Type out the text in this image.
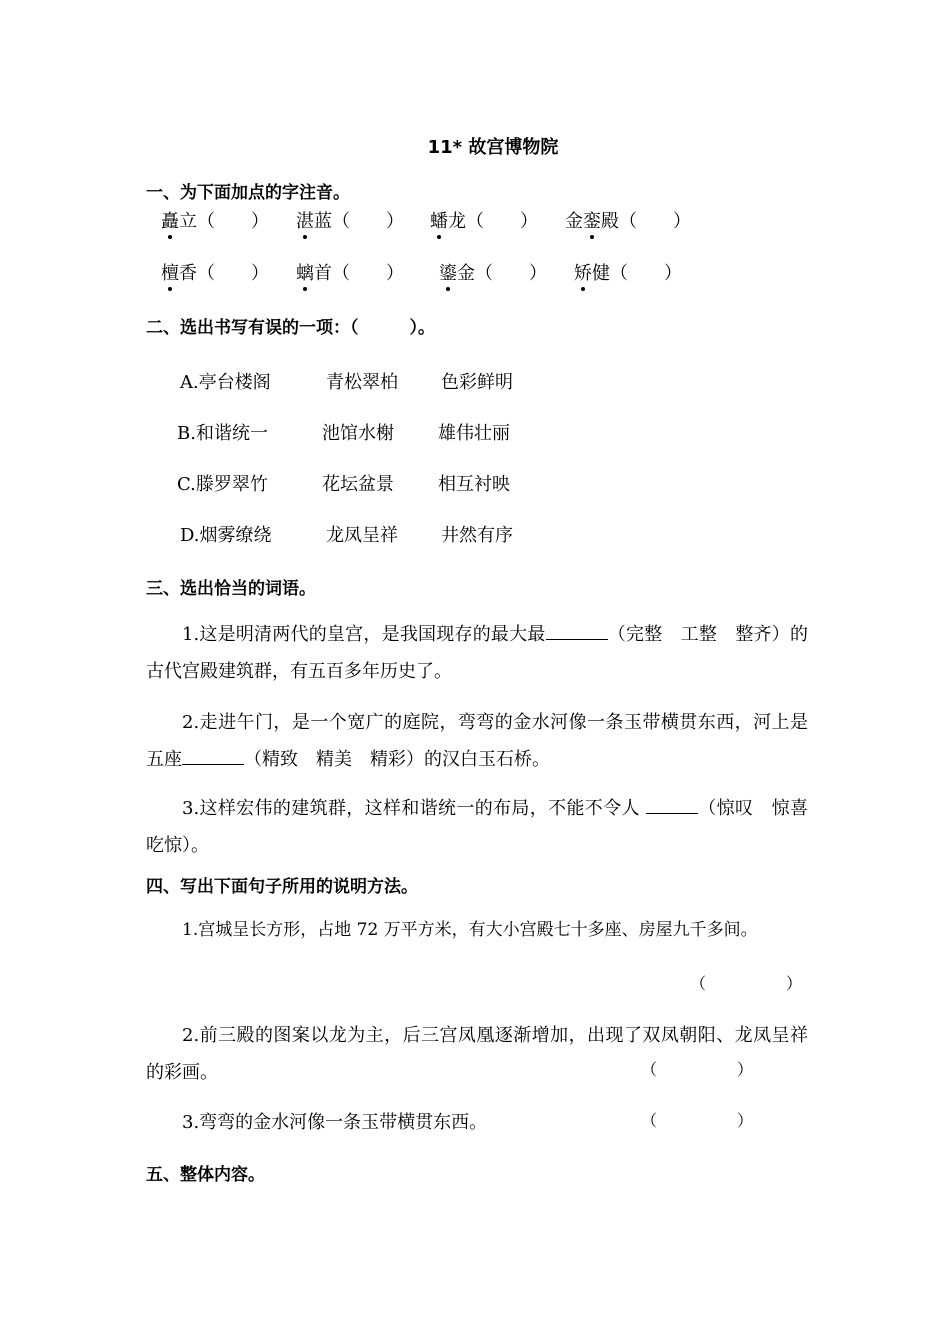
11* 故宫博物院
一、为下面加点的字注音。
矗立（　　） 湛蓝（　　） 蟠龙（　　） 金銮殿（　　）
檀香（　　） 螭首（　　） 鎏金（　　） 矫健（　　）
二、选出书写有误的一项：（　　　）。
A.亭台楼阁	青松翠柏 色彩鲜明
B.和谐统一	池馆水榭 雄伟壮丽
C.滕罗翠竹	花坛盆景 相互衬映
D.烟雾缭绕	龙凤呈祥 井然有序
三、选出恰当的词语。
1.这是明清两代的皇宫，是我国现存的最大最	（完整　工整　整齐）的古代宫殿建筑群，有五百多年历史了。
2.走进午门，是一个宽广的庭院，弯弯的金水河像一条玉带横贯东西，河上是五座	（精致　精美　精彩）的汉白玉石桥。
3.这样宏伟的建筑群，这样和谐统一的布局，不能不令人	（惊叹　惊喜　吃惊）。
四、写出下面句子所用的说明方法。
1.宫城呈长方形，占地 72 万平方米，有大小宫殿七十多座、房屋九千多间。
（　　　　　）
2.前三殿的图案以龙为主，后三宫凤凰逐渐增加，出现了双凤朝阳、龙凤呈祥的彩画。	（　　　　　）
3.弯弯的金水河像一条玉带横贯东西。	（　　　　　）
五、整体内容。
